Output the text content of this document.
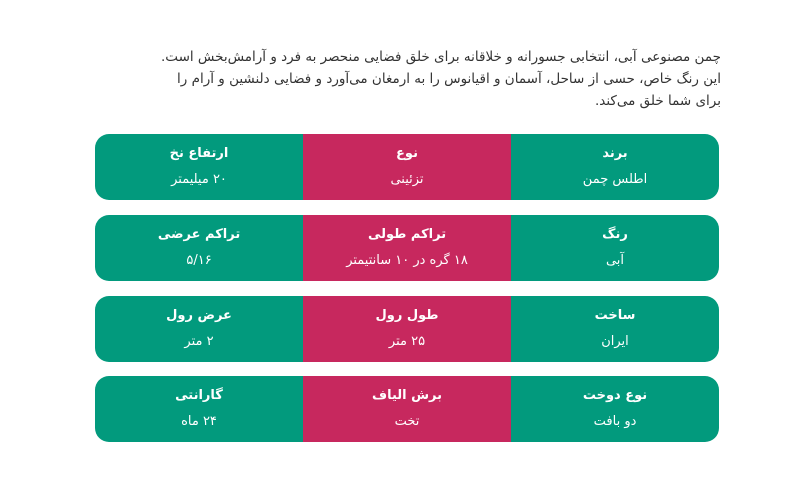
چمن مصنوعی آبی، انتخابی جسورانه و خلاقانه برای خلق فضایی منحصر به فرد و آرامش‌بخش است.

این رنگ خاص، حسی از ساحل، آسمان و اقیانوس را به ارمغان می‌آورد و فضایی دلنشین و آرام را

برای شما خلق می‌کند.

برند
اطلس چمن
نوع
تزئینی
ارتفاع نخ
۲۰ میلیمتر
رنگ
آبی
تراکم طولی
۱۸ گره در ۱۰ سانتیمتر
تراکم عرضی
۵/۱۶
ساخت
ایران
طول رول
۲۵ متر
عرض رول
۲ متر
نوع دوخت
دو بافت
برش الیاف
تخت
گارانتی
۲۴ ماه
